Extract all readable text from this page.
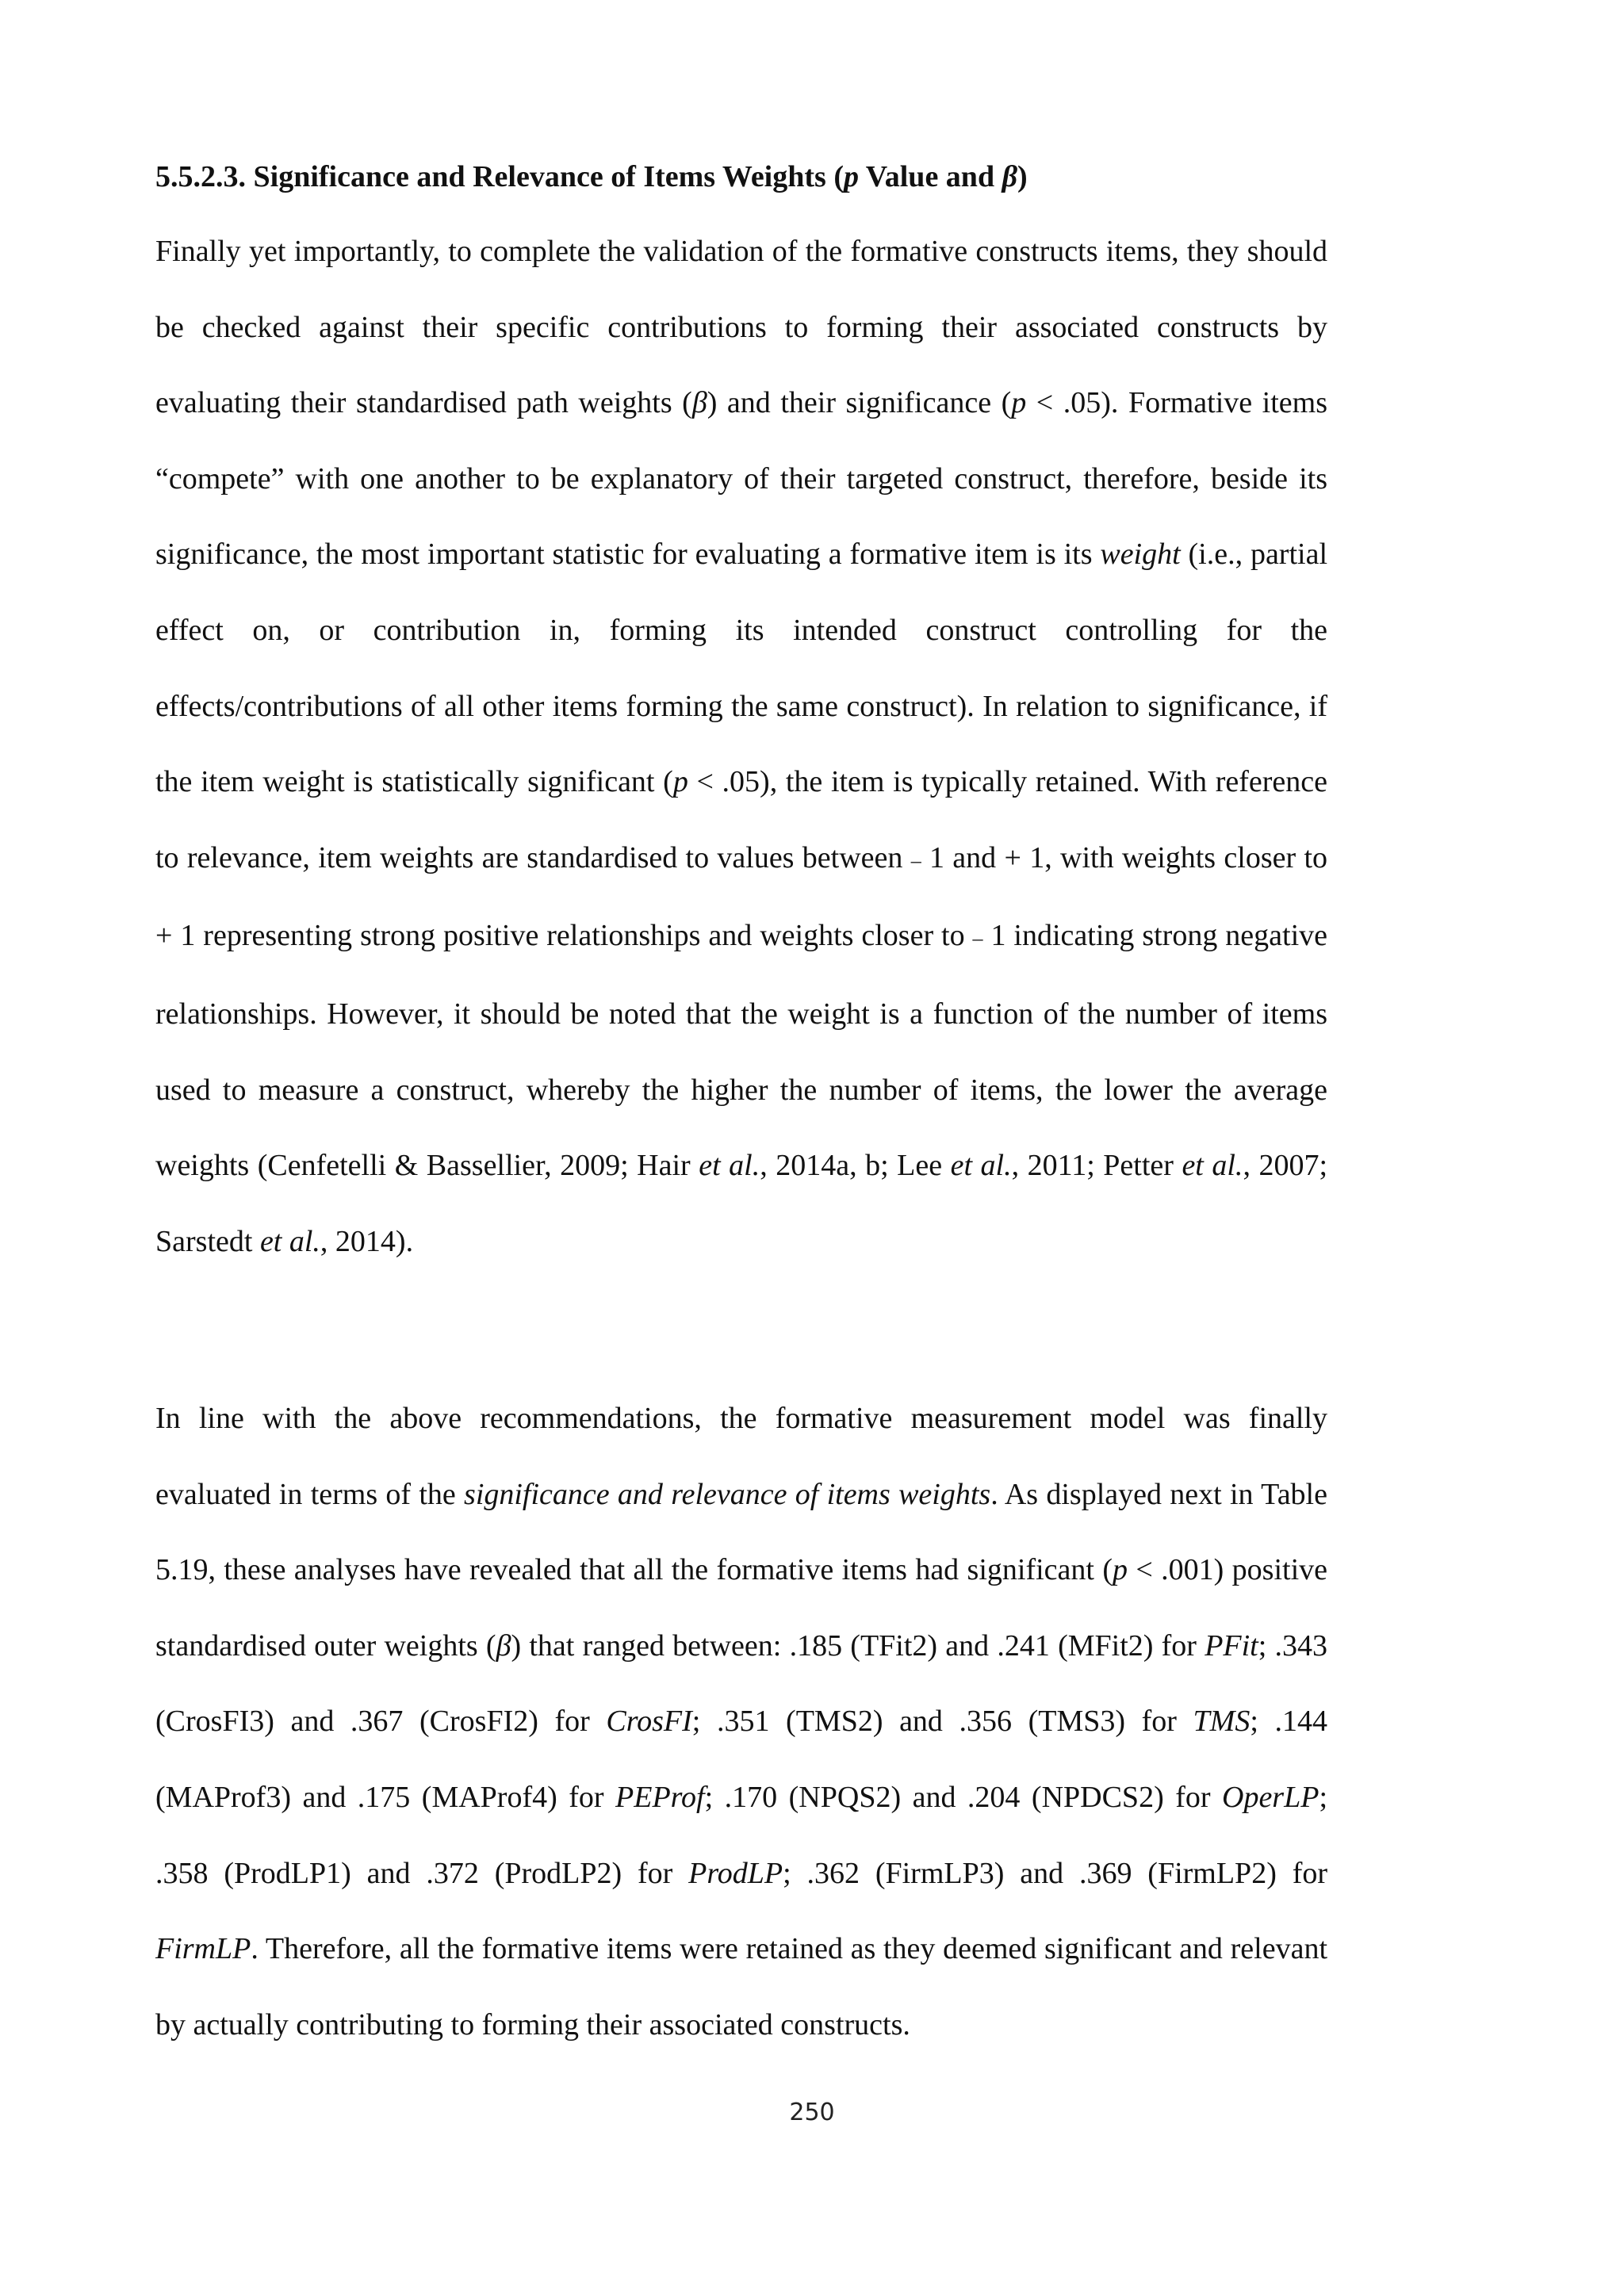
5.5.2.3. Significance and Relevance of Items Weights (p Value and β)

Finally yet importantly, to complete the validation of the formative constructs items, they should be checked against their specific contributions to forming their associated constructs by evaluating their standardised path weights (β) and their significance (p < .05). Formative items “compete” with one another to be explanatory of their targeted construct, therefore, beside its significance, the most important statistic for evaluating a formative item is its weight (i.e., partial effect on, or contribution in, forming its intended construct controlling for the effects/contributions of all other items forming the same construct). In relation to significance, if the item weight is statistically significant (p < .05), the item is typically retained. With reference to relevance, item weights are standardised to values between – 1 and + 1, with weights closer to + 1 representing strong positive relationships and weights closer to – 1 indicating strong negative relationships. However, it should be noted that the weight is a function of the number of items used to measure a construct, whereby the higher the number of items, the lower the average weights (Cenfetelli & Bassellier, 2009; Hair et al., 2014a, b; Lee et al., 2011; Petter et al., 2007; Sarstedt et al., 2014).

In line with the above recommendations, the formative measurement model was finally evaluated in terms of the significance and relevance of items weights. As displayed next in Table 5.19, these analyses have revealed that all the formative items had significant (p < .001) positive standardised outer weights (β) that ranged between: .185 (TFit2) and .241 (MFit2) for PFit; .343 (CrosFI3) and .367 (CrosFI2) for CrosFI; .351 (TMS2) and .356 (TMS3) for TMS; .144 (MAProf3) and .175 (MAProf4) for PEProf; .170 (NPQS2) and .204 (NPDCS2) for OperLP; .358 (ProdLP1) and .372 (ProdLP2) for ProdLP; .362 (FirmLP3) and .369 (FirmLP2) for FirmLP. Therefore, all the formative items were retained as they deemed significant and relevant by actually contributing to forming their associated constructs.

250
